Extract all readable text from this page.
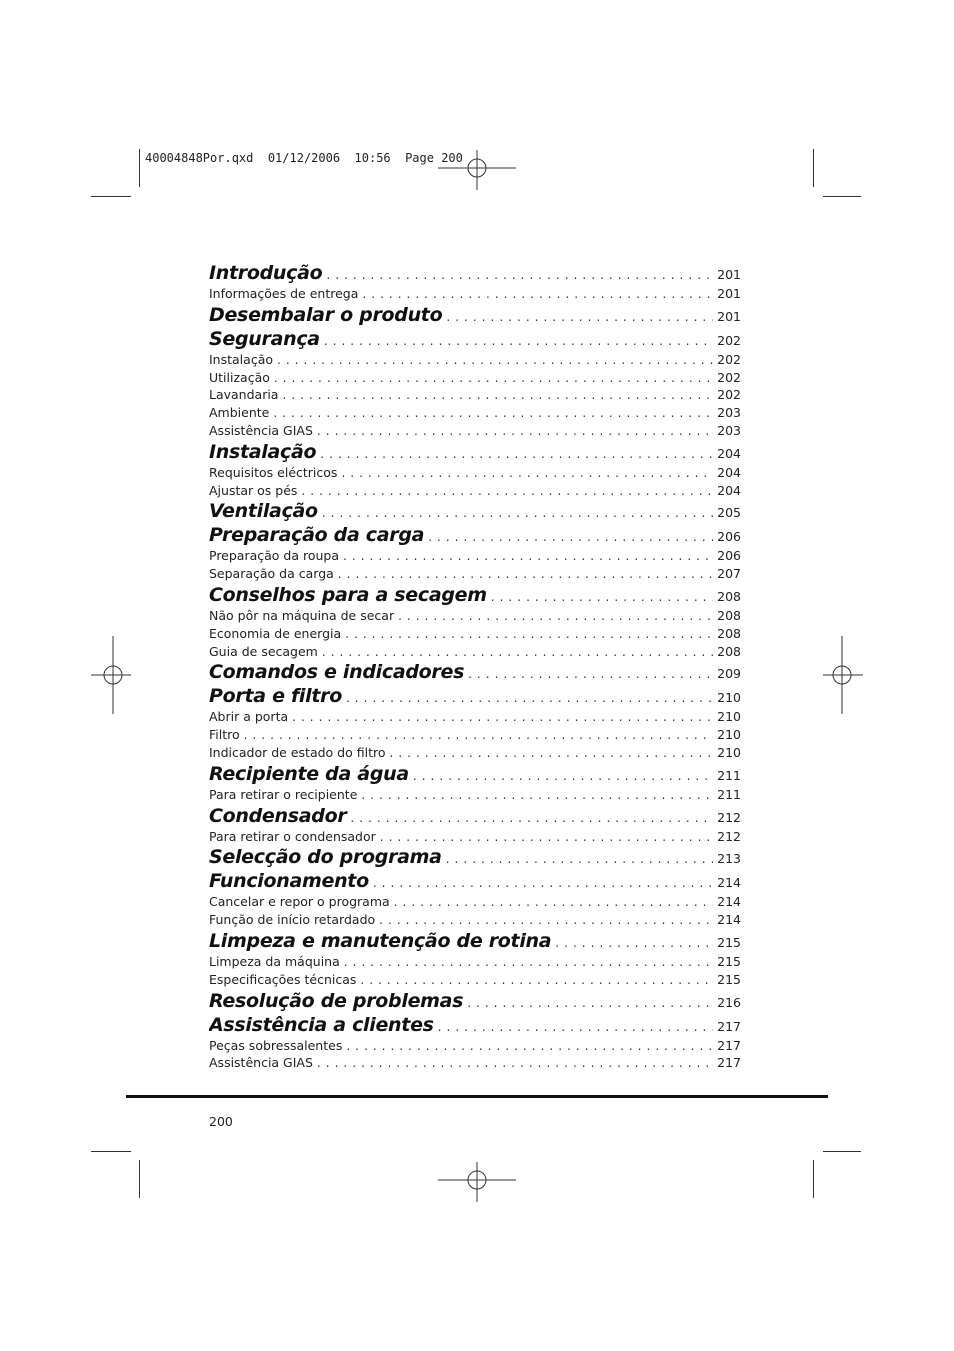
40004848Por.qxd  01/12/2006  10:56  Page 200
Introdução . . .	201
Informações de entrega . . .	201
Desembalar o produto . . .	201
Segurança . . .	202
Instalação . . .	202
Utilização . . .	202
Lavandaria . . .	202
Ambiente . . .	203
Assistência GIAS . . .	203
Instalação . . .	204
Requisitos eléctricos . . .	204
Ajustar os pés . . .	204
Ventilação . . .	205
Preparação da carga . . .	206
Preparação da roupa . . .	206
Separação da carga . . .	207
Conselhos para a secagem . . .	208
Não pôr na máquina de secar . . .	208
Economia de energia . . .	208
Guia de secagem . . .	208
Comandos e indicadores . . .	209
Porta e filtro . . .	210
Abrir a porta . . .	210
Filtro . . .	210
Indicador de estado do filtro . . .	210
Recipiente da água . . .	211
Para retirar o recipiente . . .	211
Condensador . . .	212
Para retirar o condensador . . .	212
Selecção do programa . . .	213
Funcionamento . . .	214
Cancelar e repor o programa . . .	214
Função de início retardado . . .	214
Limpeza e manutenção de rotina . . .	215
Limpeza da máquina . . .	215
Especificações técnicas . . .	215
Resolução de problemas . . .	216
Assistência a clientes . . .	217
Peças sobressalentes . . .	217
Assistência GIAS . . .	217
200
